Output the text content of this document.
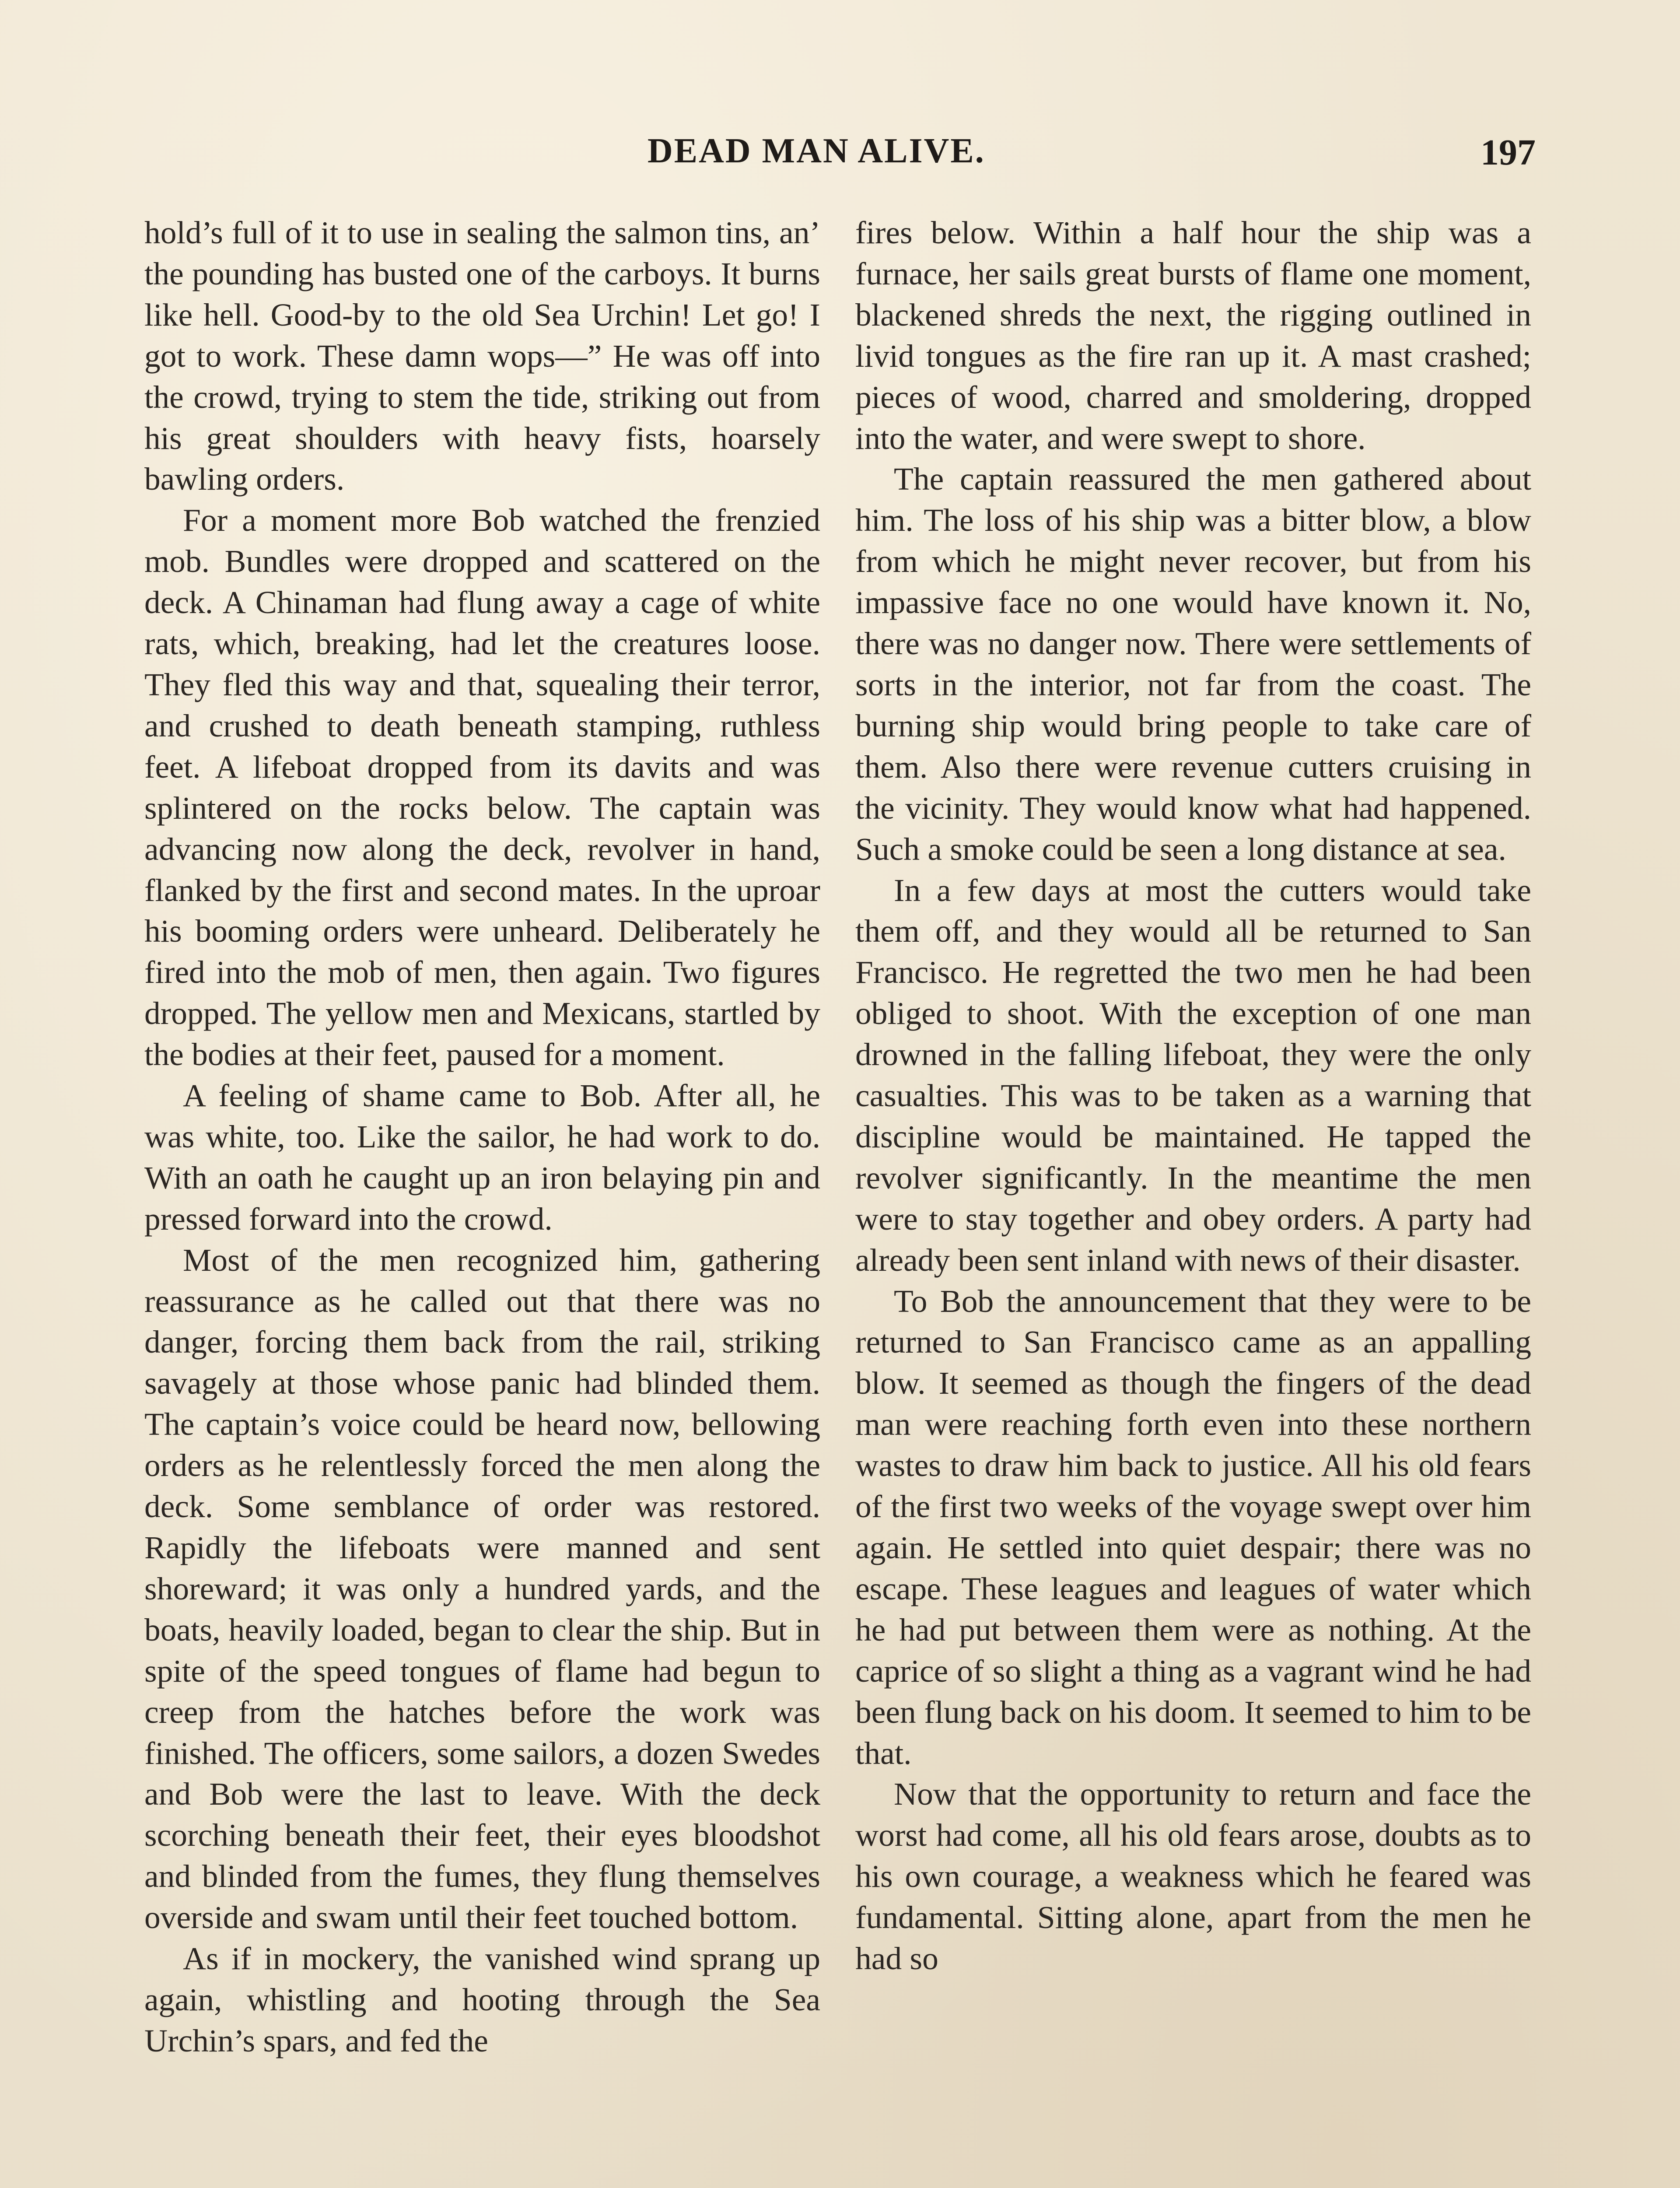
DEAD MAN ALIVE.	197

hold’s full of it to use in sealing the salmon tins, an’ the pounding has busted one of the carboys. It burns like hell. Good-by to the old Sea Urchin! Let go! I got to work. These damn wops—” He was off into the crowd, trying to stem the tide, striking out from his great shoulders with heavy fists, hoarsely bawling orders.

For a moment more Bob watched the frenzied mob. Bundles were dropped and scattered on the deck. A Chinaman had flung away a cage of white rats, which, breaking, had let the creatures loose. They fled this way and that, squealing their terror, and crushed to death beneath stamping, ruthless feet. A lifeboat dropped from its davits and was splintered on the rocks below. The captain was advancing now along the deck, revolver in hand, flanked by the first and second mates. In the uproar his booming orders were unheard. Deliberately he fired into the mob of men, then again. Two figures dropped. The yellow men and Mexicans, startled by the bodies at their feet, paused for a moment.

A feeling of shame came to Bob. After all, he was white, too. Like the sailor, he had work to do. With an oath he caught up an iron belaying pin and pressed forward into the crowd.

Most of the men recognized him, gathering reassurance as he called out that there was no danger, forcing them back from the rail, striking savagely at those whose panic had blinded them. The captain’s voice could be heard now, bellowing orders as he relentlessly forced the men along the deck. Some semblance of order was restored. Rapidly the lifeboats were manned and sent shoreward; it was only a hundred yards, and the boats, heavily loaded, began to clear the ship. But in spite of the speed tongues of flame had begun to creep from the hatches before the work was finished. The officers, some sailors, a dozen Swedes and Bob were the last to leave. With the deck scorching beneath their feet, their eyes bloodshot and blinded from the fumes, they flung themselves overside and swam until their feet touched bottom.

As if in mockery, the vanished wind sprang up again, whistling and hooting through the Sea Urchin’s spars, and fed the

fires below. Within a half hour the ship was a furnace, her sails great bursts of flame one moment, blackened shreds the next, the rigging outlined in livid tongues as the fire ran up it. A mast crashed; pieces of wood, charred and smoldering, dropped into the water, and were swept to shore.

The captain reassured the men gathered about him. The loss of his ship was a bitter blow, a blow from which he might never recover, but from his impassive face no one would have known it. No, there was no danger now. There were settlements of sorts in the interior, not far from the coast. The burning ship would bring people to take care of them. Also there were revenue cutters cruising in the vicinity. They would know what had happened. Such a smoke could be seen a long distance at sea.

In a few days at most the cutters would take them off, and they would all be returned to San Francisco. He regretted the two men he had been obliged to shoot. With the exception of one man drowned in the falling lifeboat, they were the only casualties. This was to be taken as a warning that discipline would be maintained. He tapped the revolver significantly. In the meantime the men were to stay together and obey orders. A party had already been sent inland with news of their disaster.

To Bob the announcement that they were to be returned to San Francisco came as an appalling blow. It seemed as though the fingers of the dead man were reaching forth even into these northern wastes to draw him back to justice. All his old fears of the first two weeks of the voyage swept over him again. He settled into quiet despair; there was no escape. These leagues and leagues of water which he had put between them were as nothing. At the caprice of so slight a thing as a vagrant wind he had been flung back on his doom. It seemed to him to be that.

Now that the opportunity to return and face the worst had come, all his old fears arose, doubts as to his own courage, a weakness which he feared was fundamental. Sitting alone, apart from the men he had so
